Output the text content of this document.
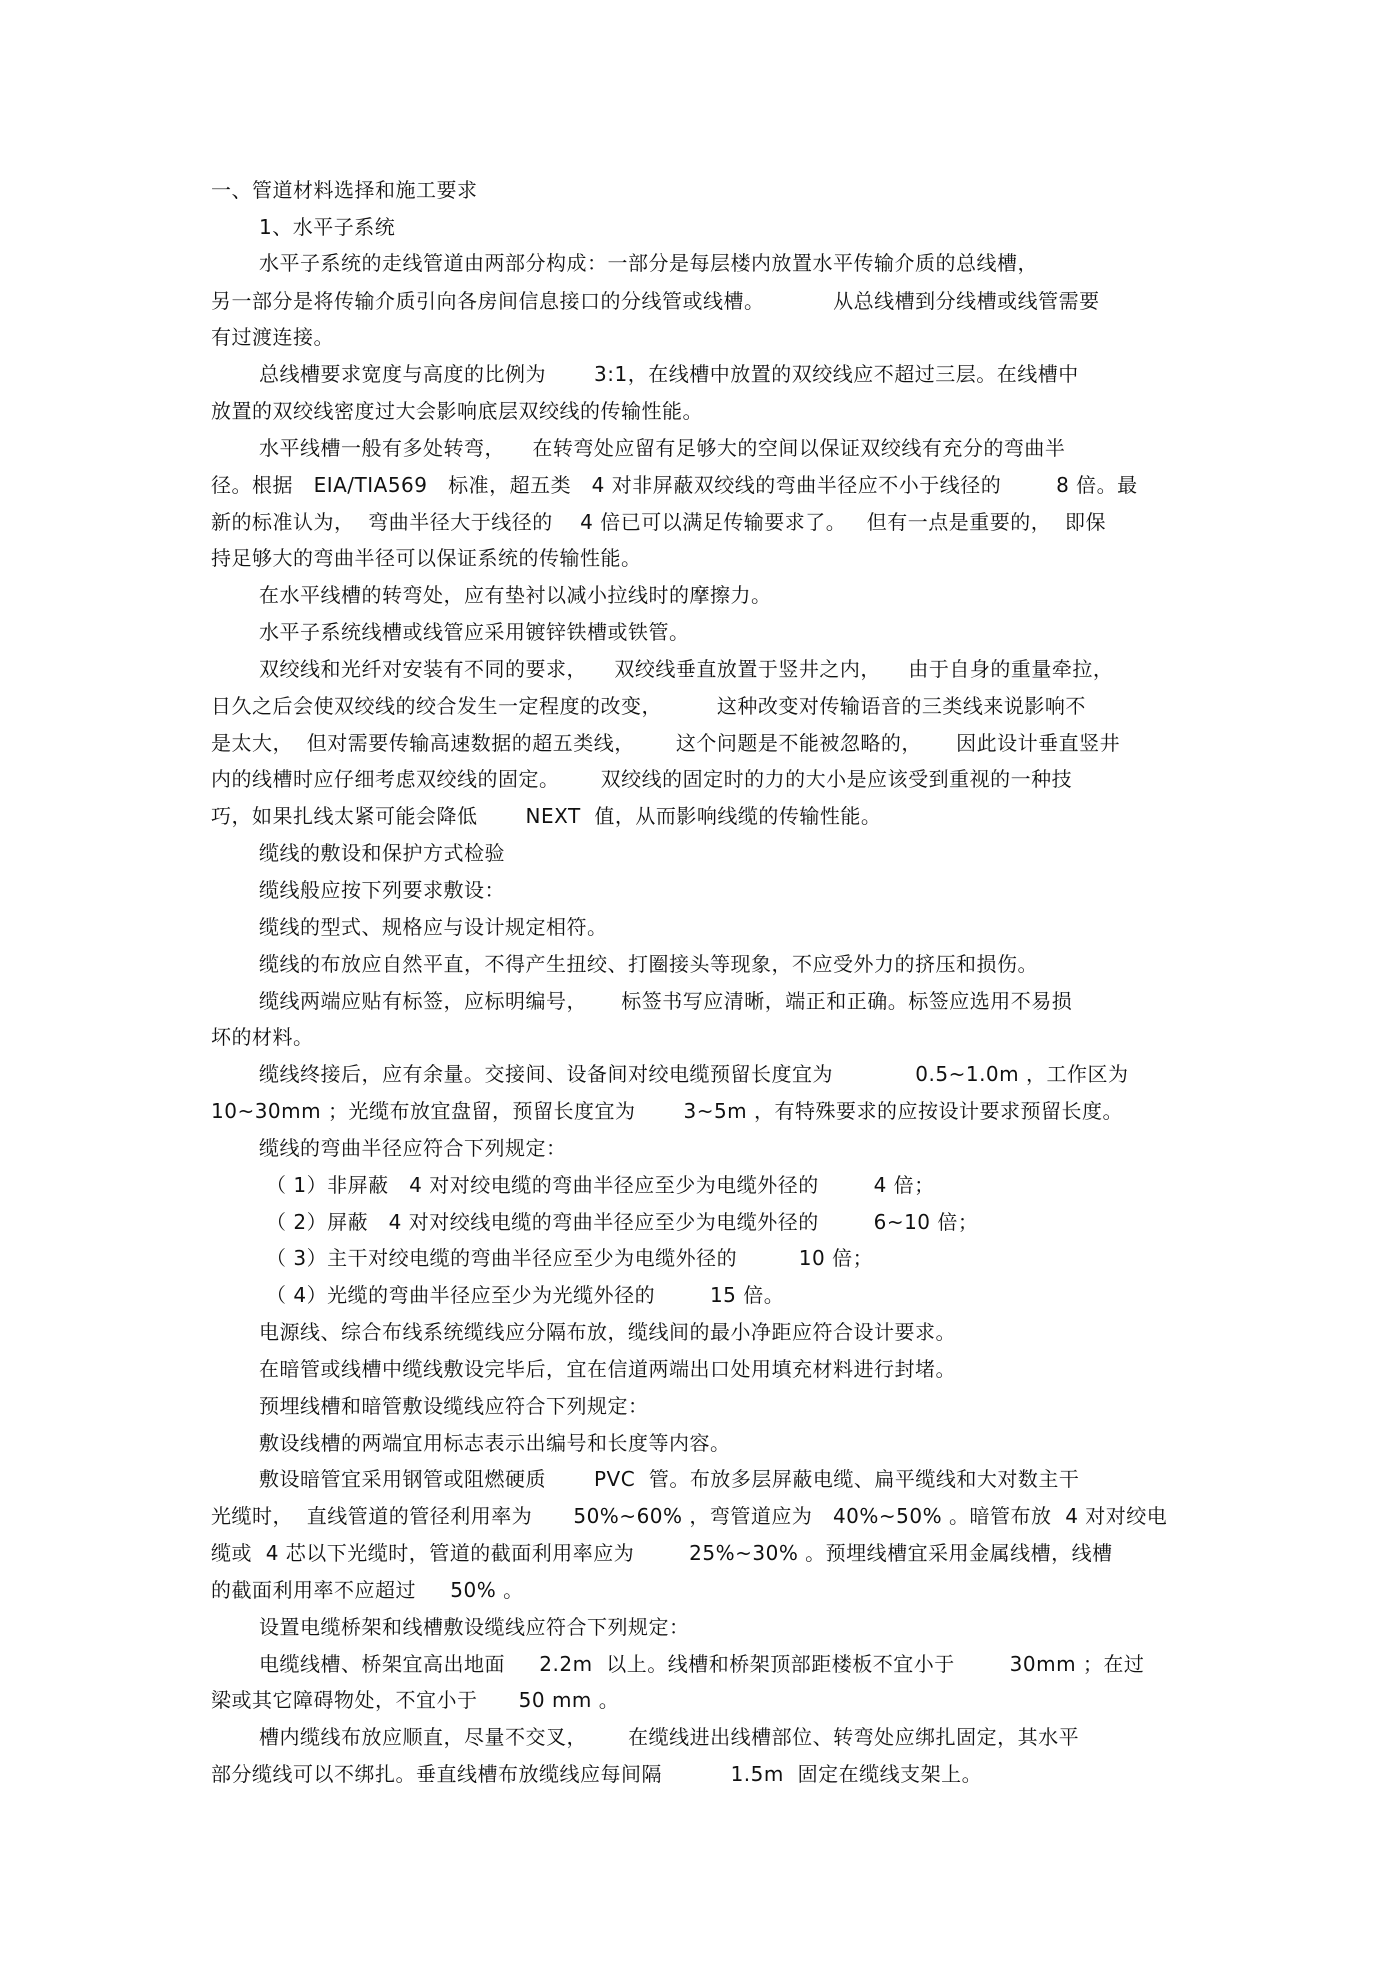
一、管道材料选择和施工要求
1、水平子系统
水平子系统的走线管道由两部分构成：一部分是每层楼内放置水平传输介质的总线槽，
另一部分是将传输介质引向各房间信息接口的分线管或线槽。          从总线槽到分线槽或线管需要
有过渡连接。
总线槽要求宽度与高度的比例为       3:1，在线槽中放置的双绞线应不超过三层。在线槽中
放置的双绞线密度过大会影响底层双绞线的传输性能。
水平线槽一般有多处转弯，    在转弯处应留有足够大的空间以保证双绞线有充分的弯曲半
径。根据   EIA/TIA569   标准，超五类   4 对非屏蔽双绞线的弯曲半径应不小于线径的        8 倍。最
新的标准认为，  弯曲半径大于线径的    4 倍已可以满足传输要求了。   但有一点是重要的，  即保
持足够大的弯曲半径可以保证系统的传输性能。
在水平线槽的转弯处，应有垫衬以减小拉线时的摩擦力。
水平子系统线槽或线管应采用镀锌铁槽或铁管。
双绞线和光纤对安装有不同的要求，    双绞线垂直放置于竖井之内，    由于自身的重量牵拉，
日久之后会使双绞线的绞合发生一定程度的改变，        这种改变对传输语音的三类线来说影响不
是太大，  但对需要传输高速数据的超五类线，      这个问题是不能被忽略的，     因此设计垂直竖井
内的线槽时应仔细考虑双绞线的固定。      双绞线的固定时的力的大小是应该受到重视的一种技
巧，如果扎线太紧可能会降低       NEXT  值，从而影响线缆的传输性能。
缆线的敷设和保护方式检验
缆线般应按下列要求敷设：
缆线的型式、规格应与设计规定相符。
缆线的布放应自然平直，不得产生扭绞、打圈接头等现象，不应受外力的挤压和损伤。
缆线两端应贴有标签，应标明编号，     标签书写应清晰，端正和正确。标签应选用不易损
坏的材料。
缆线终接后，应有余量。交接间、设备间对绞电缆预留长度宜为            0.5~1.0m ，工作区为
10~30mm ；光缆布放宜盘留，预留长度宜为       3~5m ，有特殊要求的应按设计要求预留长度。
缆线的弯曲半径应符合下列规定：
（ 1）非屏蔽   4 对对绞电缆的弯曲半径应至少为电缆外径的        4 倍；
（ 2）屏蔽   4 对对绞线电缆的弯曲半径应至少为电缆外径的        6~10 倍；
（ 3）主干对绞电缆的弯曲半径应至少为电缆外径的         10 倍；
（ 4）光缆的弯曲半径应至少为光缆外径的        15 倍。
电源线、综合布线系统缆线应分隔布放，缆线间的最小净距应符合设计要求。
在暗管或线槽中缆线敷设完毕后，宜在信道两端出口处用填充材料进行封堵。
预埋线槽和暗管敷设缆线应符合下列规定：
敷设线槽的两端宜用标志表示出编号和长度等内容。
敷设暗管宜采用钢管或阻燃硬质       PVC  管。布放多层屏蔽电缆、扁平缆线和大对数主干
光缆时，  直线管道的管径利用率为      50%~60% ，弯管道应为   40%~50% 。暗管布放  4 对对绞电
缆或  4 芯以下光缆时，管道的截面利用率应为        25%~30% 。预埋线槽宜采用金属线槽，线槽
的截面利用率不应超过     50% 。
设置电缆桥架和线槽敷设缆线应符合下列规定：
电缆线槽、桥架宜高出地面     2.2m  以上。线槽和桥架顶部距楼板不宜小于        30mm ；在过
梁或其它障碍物处，不宜小于      50 mm 。
槽内缆线布放应顺直，尽量不交叉，      在缆线进出线槽部位、转弯处应绑扎固定，其水平
部分缆线可以不绑扎。垂直线槽布放缆线应每间隔          1.5m  固定在缆线支架上。
